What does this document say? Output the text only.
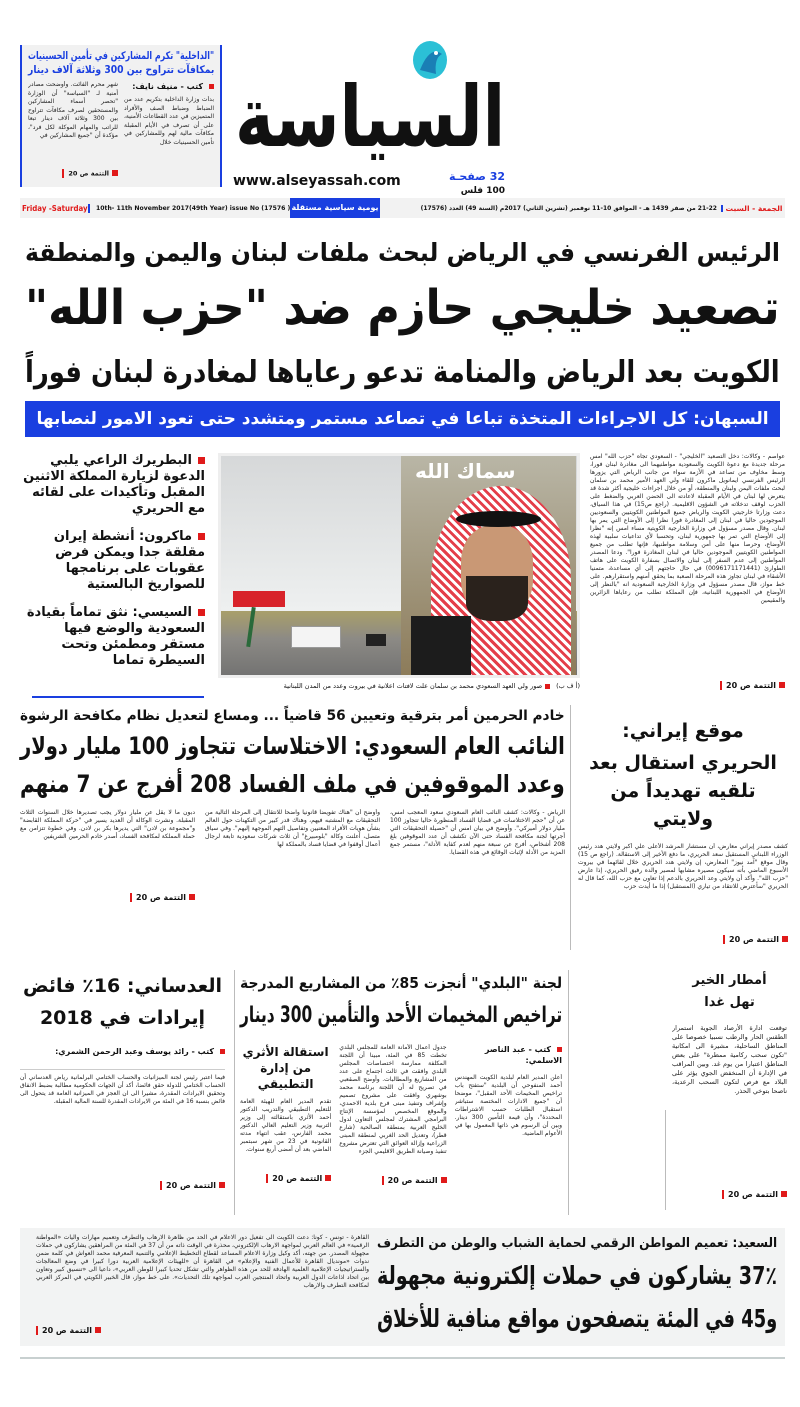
"الداخلية" تكرم المشاركين في تأمين الحسينيات
بمكافآت تتراوح بين 300 وثلاثة آلاف دينار
كتب - منيف نايف:
بدأت وزارة الداخلية بتكريم عدد من الضباط وضباط الصف والأفراد المتميزين في عدد القطاعات الأمنية، على أن تصرف في الأيام المقبلة مكافآت مالية لهم وللمشاركين في تأمين الحسينيات خلال
شهر محرم الفائت. وأوضحت مصادر أمنية لـ "السياسة" أن الوزارة "تحصر أسماء المشاركين والمستحقين لصرف مكافآت تتراوح بين 300 وثلاثة آلاف دينار تبعا للراتب والمهام الموكلة لكل فرد"، مؤكدة أن "جميع المشاركين في
التتمة ص 20
السياسة
www.alseyassah.com	32 صفحـة
100 فلس
Friday -Saturday	10th- 11th November 2017(49th Year) issue No (17576 ) يومية سياسية مستقلة	21-22 من صفر 1439 هـ - الموافق 10-11 نوفمبر (تشرين الثاني) 2017م (السنة 49) العدد (17576)	الجمعة - السبت
الرئيس الفرنسي في الرياض لبحث ملفات لبنان واليمن والمنطقة
تصعيد خليجي حازم ضد "حزب الله"
الكويت بعد الرياض والمنامة تدعو رعاياها لمغادرة لبنان فوراً
السبهان: كل الاجراءات المتخذة تباعا في تصاعد مستمر ومتشدد حتى تعود الامور لنصابها
البطريرك الراعي يلبي الدعوة لزيارة المملكة الاثنين المقبل وتأكيدات على لقائه مع الحريري
ماكرون: أنشطة إيران مقلقة جدا ويمكن فرض عقوبات على برنامجها للصواريخ البالستية
السيسي: نثق تماماً بقيادة السعودية والوضع فيها مستقر ومطمئن وتحت السيطرة تماما
سماك الله
صور ولي العهد السعودي محمد بن سلمان علت لافتات اعلانية في بيروت وعدد من المدن اللبنانية	(أ ف ب)
عواصم - وكالات: دخل التصعيد "الخليجي" - السعودي تجاه "حزب الله" امس مرحلة جديدة مع دعوة الكويت والسعودية مواطنيهما الى مغادرة لبنان فورا، وسط مخاوف من تصاعد في الأزمة سواء من جانب الرياض التي يزورها الرئيس الفرنسي ايمانويل ماكرون للقاء ولي العهد الأمير محمد بن سلمان لبحث ملفات اليمن ولبنان والمنطقة، أو من خلال اجراءات خليجية أكثر شدة قد يتعرض لها لبنان في الأيام المقبلة لاعادته الى الحضن العربي والضغط على الحزب لوقف تدخلاته في الشؤون الاقليمية. (راجع ص15) في هذا السياق، دعت وزارتا خارجيتي الكويت والرياض جميع المواطنين الكويتيين والسعوديين الموجودين حاليا في لبنان إلى المغادرة فورا نظرا إلى الأوضاع التي يمر بها لبنان. وقال مصدر مسؤول في وزارة الخارجية الكويتية مساء امس إنه "نظرا إلى الأوضاع التي تمر بها جمهورية لبنان، وتحسبا لأي تداعيات سلبية لهذه الأوضاع، وحرصا منها على أمن وسلامة مواطنيها، فإنها تطلب من جميع المواطنين الكويتيين الموجودين حاليا في لبنان المغادرة فورا". ودعا المصدر المواطنين إلى عدم السفر إلى لبنان والاتصال بسفارة الكويت على هاتف الطوارئ (0096171171441) في حال حاجتهم إلى أي مساعدة، متمنيا الأشقاء في لبنان تجاوز هذه المرحلة الصعبة بما يحقق أمنهم واستقرارهم. على خط مواز، قال مصدر مسؤول في وزارة الخارجية السعودية انه "بالنظر إلى الأوضاع في الجمهورية اللبنانية، فإن المملكة تطلب من رعاياها الزائرين والمقيمين
التتمة ص 20
خادم الحرمين أمر بترقية وتعيين 56 قاضياً ... ومساع لتعديل نظام مكافحة الرشوة
النائب العام السعودي: الاختلاسات تتجاوز 100 مليار دولار
وعدد الموقوفين في ملف الفساد 208 أفرج عن 7 منهم
الرياض - وكالات: كشف النائب العام السعودي سعود المعجب امس، عن أن "حجم الاختلاسات في قضايا الفساد المنظورة حاليا تتجاوز 100 مليار دولار أميركي". وأوضح في بيان امس أن "حصيلة التحقيقات التي أجرتها لجنة مكافحة الفساد حتى الآن تكشف أن عدد الموقوفين بلغ 208 أشخاص، أفرج عن سبعة منهم لعدم كفاية الأدلة"، مستمر جمع المزيد من الأدلة لإثبات الوقائع في هذه القضايا.
وأوضح أن "هناك تفويضا قانونيا واضحا للانتقال إلى المرحلة التالية من التحقيقات مع المشتبه فيهم، وهناك قدر كبير من التكهنات حول العالم بشأن هويات الأفراد المعنيين وتفاصيل التهم الموجهة إليهم". وفي سياق متصل، أعلنت وكالة "بلومبيرغ" أن ثلاث شركات سعودية تابعة لرجال أعمال أوقفوا في قضايا فساد بالمملكة لها
دبون ما لا يقل عن مليار دولار يجب تصديرها خلال السنوات الثلاث المقبلة. ونشرت الوكالة أن العديد يسير في "حركة المملكة القابضة" و"مجموعة بن لادن" التي يديرها بكر بن لادن. وفي خطوة تتزامن مع حملة المملكة لمكافحة الفساد، أصدر خادم الحرمين الشريفين
التتمة ص 20
موقع إيراني:
الحريري استقال بعد تلقيه تهديداً من ولايتي
كشف مصدر إيراني معارض، أن مستشار المرشد الأعلى علي أكبر ولايتي هدد رئيس الوزراء اللبناني المستقيل سعد الحريري، ما دفع الأخير إلى الاستقالة. (راجع ص 15) وقال موقع "آمد نيوز" المعارض، إن ولايتي هدد الحريري خلال لقائهما في بيروت الأسبوع الماضي بأنه سيكون مصيره مشابها لمصير والده رفيق الحريري، إذا عارض "حزب الله". وأكد أن ولايتي وعد الحريري بالدعم إذا تعاون مع حزب الله، كما قال له الحريري "سأعترض للانتقاد من تياري (المستقبل) إذا ما أيدت حزب
التتمة ص 20
العدساني: 16٪ فائض
إيرادات في 2018
كتب - رائد يوسف وعبد الرحمن الشمري:
فيما اعتبر رئيس لجنة الميزانيات والحساب الختامي البرلمانية رياض العدساني أن الحساب الختامي للدولة حقق فائضا، أكد أن الجهات الحكومية مطالبة بضبط الانفاق وتحقيق الايرادات المقدرة، مشيرا الى ان العجز في الميزانية العامة قد يتحول الى فائض بنسبة 16 في المئة من الايرادات المقدرة للسنة المالية المقبلة.
التتمة ص 20
لجنة "البلدي" أنجزت 85٪ من المشاريع المدرجة
تراخيص المخيمات الأحد والتأمين 300 دينار
كتب - عبد الناصر الاسلمي:
أعلن المدير العام لبلدية الكويت المهندس أحمد المنفوحي أن البلدية "ستفتح باب تراخيص المخيمات الأحد المقبل"، موضحا أن "جميع الادارات المختصة ستباشر استقبال الطلبات حسب الاشتراطات المحددة"، وأن قيمة التأمين 300 دينار. وبين أن الرسوم هي ذاتها المعمول بها في الأعوام الماضية.
جدول أعمال الأمانة العامة للمجلس البلدي تخطت 85 في المئة، مبينا أن اللجنة المكلفة ممارسة اختصاصات المجلس البلدي وافقت في ثالث اجتماع على عدد من المشاريع والمطالبات. وأوضح الصقعبي في تصريح له أن اللجنة برئاسة محمد بوشهري وافقت على مشروع تصميم وإشراف وتنفيذ مبنى فرع بلدية الاحمدي، والموقع المخصص لمؤسسة الإنتاج البرامجي المشترك لمجلس التعاون لدول الخليج العربية بمنطقة الصالحية (شارع قطر)، وتعديل الحد الغربي لمنطقة المبنى الزراعية وإزالة العوائق التي تعترض مشروع تنفيذ وصيانة الطريق الاقليمي الجزء
التتمة ص 20
استقالة الأثري من إدارة التطبيقي
تقدم المدير العام للهيئة العامة للتعليم التطبيقي والتدريب الدكتور أحمد الأثري باستقالته إلى وزير التربية وزير التعليم العالي الدكتور محمد الفارس، عقب انتهاء مدته القانونية في 23 من شهر سبتمبر الماضي بعد أن أمضى أربع سنوات.
التتمة ص 20
أمطار الخير
تهل غدا
توقعت ادارة الأرصاد الجوية استمرار الطقس الحار والرطب نسبيا خصوصا على المناطق الساحلية، مشيرة الى امكانية "تكون سحب ركامية ممطرة" على بعض المناطق اعتبارا من يوم غد. وبين المراقب في الإدارة أن المنخفض الجوي يؤثر على البلاد مع فرص لتكون السحب الرعدية، ناصحا بتوخي الحذر.
التتمة ص 20
السعيد: تعميم المواطن الرقمي لحماية الشباب والوطن من التطرف
37٪ يشاركون في حملات إلكترونية مجهولة
و45 في المئة يتصفحون مواقع منافية للأخلاق
القاهرة - تونس - كونا: دعت الكويت الى تفعيل دور الاعلام في الحد من ظاهرة الارهاب والتطرف وتعميم مهارات وآليات «المواطنة الرقمية» في العالم العربي لمواجهة الارهاب الإلكتروني، محذرة في الوقت ذاته من أن 37 في المئة من المراهقين يشاركون في حملات مجهولة المصدر. من جهته، أكد وكيل وزارة الاعلام المساعد لقطاع التخطيط الإعلامي والتنمية المعرفية محمد العواش في كلمة ضمن ندوات «مونديال القاهرة للأعمال الفنية والإعلام» في القاهرة أن «للهيئات الإعلامية العربية دورا كبيرا في وضع المعالجات والستراتيجيات الإعلامية العلمية الهادفة للحد من هذه الظواهر والتي تشكل تحديا كبيرا للوطن العربي»، داعيا الى «تنسيق كبير وتعاون بين اتحاد اذاعات الدول العربية واتحاد المنتجين العرب لمواجهة تلك التحديات». على خط مواز، قال الخبير الكويتي في المركز العربي لمكافحة التطرف والارهاب
التتمة ص 20
